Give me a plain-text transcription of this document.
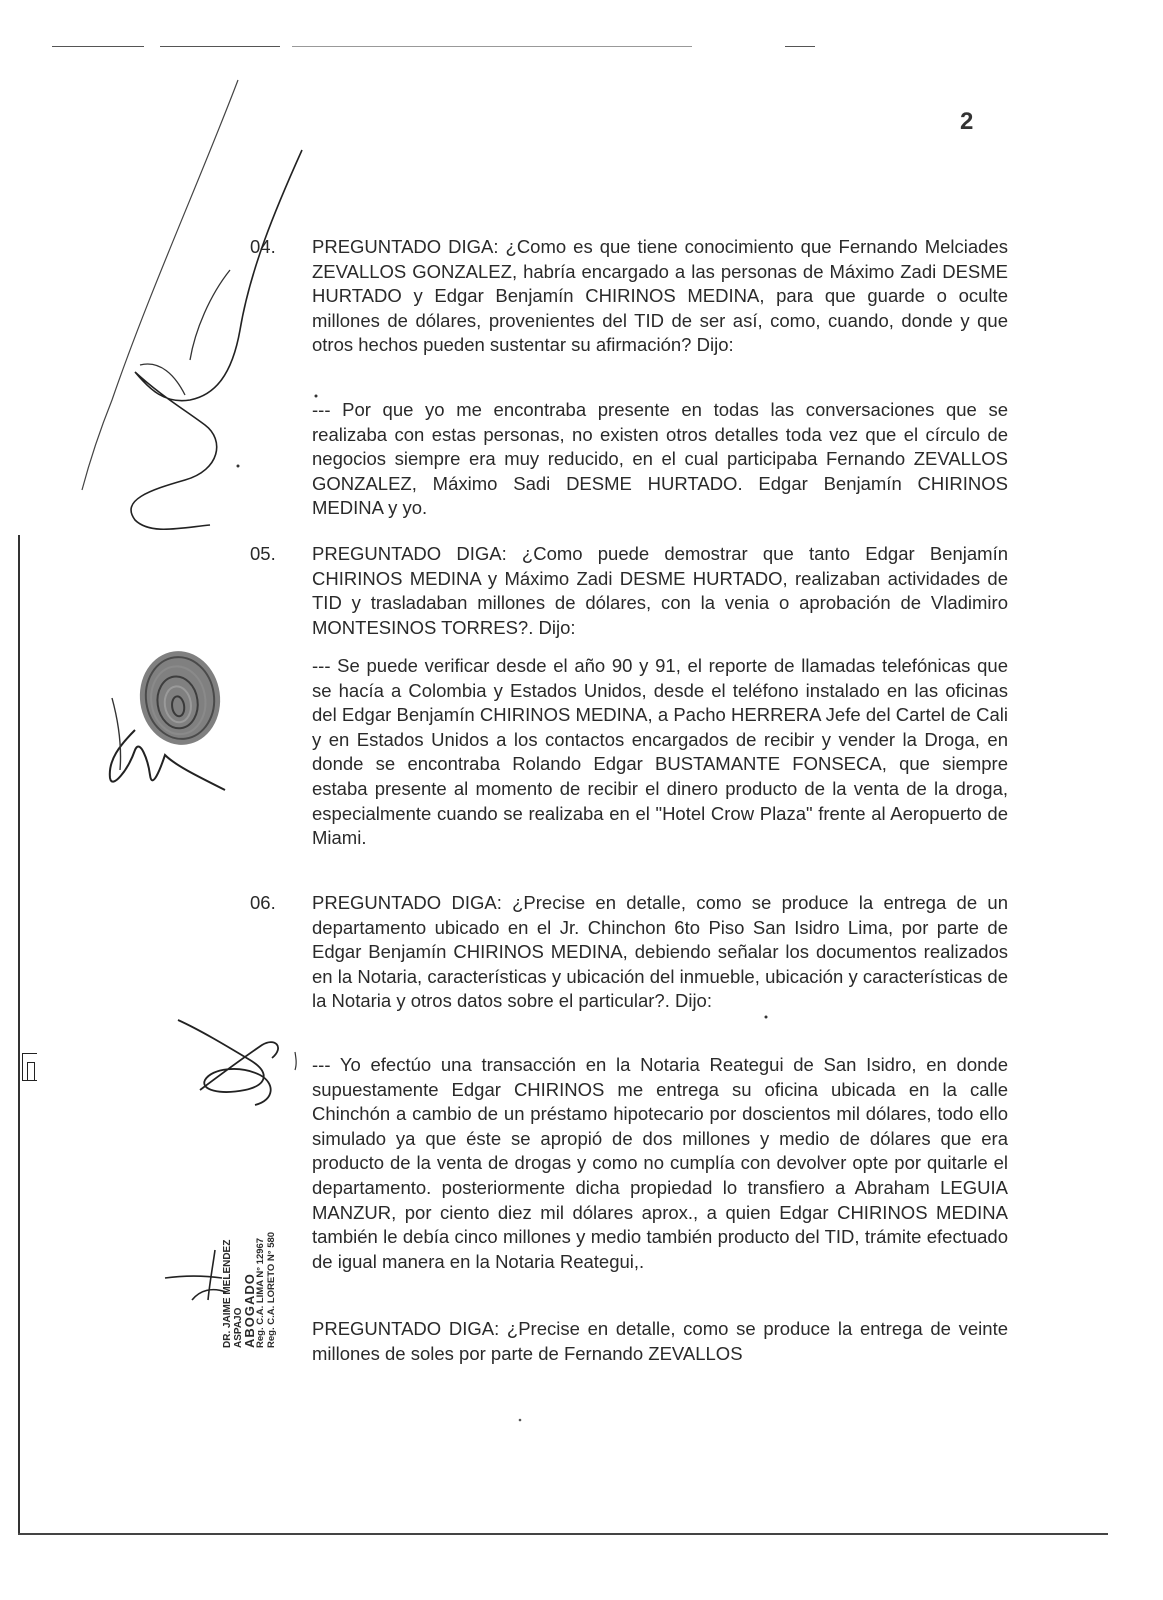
2
04.	PREGUNTADO DIGA: ¿Como es que tiene conocimiento que Fernando Melciades ZEVALLOS GONZALEZ, habría encargado a las personas de Máximo Zadi DESME HURTADO y Edgar Benjamín CHIRINOS MEDINA, para que guarde o oculte millones de dólares, provenientes del TID de ser así, como, cuando, donde y que otros hechos pueden sustentar su afirmación? Dijo:

--- Por que yo me encontraba presente en todas las conversaciones que se realizaba con estas personas, no existen otros detalles toda vez que el círculo de negocios siempre era muy reducido, en el cual participaba Fernando ZEVALLOS GONZALEZ, Máximo Sadi DESME HURTADO. Edgar Benjamín CHIRINOS MEDINA y yo.

05.	PREGUNTADO DIGA: ¿Como puede demostrar que tanto Edgar Benjamín CHIRINOS MEDINA y Máximo Zadi DESME HURTADO, realizaban actividades de TID y trasladaban millones de dólares, con la venia o aprobación de Vladimiro MONTESINOS TORRES?. Dijo:

--- Se puede verificar desde el año 90 y 91, el reporte de llamadas telefónicas que se hacía a Colombia y Estados Unidos, desde el teléfono instalado en las oficinas del Edgar Benjamín CHIRINOS MEDINA, a Pacho HERRERA Jefe del Cartel de Cali y en Estados Unidos a los contactos encargados de recibir y vender la Droga, en donde se encontraba Rolando Edgar BUSTAMANTE FONSECA, que siempre estaba presente al momento de recibir el dinero producto de la venta de la droga, especialmente cuando se realizaba en el "Hotel Crow Plaza" frente al Aeropuerto de Miami.

06.	PREGUNTADO DIGA: ¿Precise en detalle, como se produce la entrega de un departamento ubicado en el Jr. Chinchon 6to Piso San Isidro Lima, por parte de Edgar Benjamín CHIRINOS MEDINA, debiendo señalar los documentos realizados en la Notaria, características y ubicación del inmueble, ubicación y características de la Notaria y otros datos sobre el particular?. Dijo:

--- Yo efectúo una transacción en la Notaria Reategui de San Isidro, en donde supuestamente Edgar CHIRINOS me entrega su oficina ubicada en la calle Chinchón a cambio de un préstamo hipotecario por doscientos mil dólares, todo ello simulado ya que éste se apropió de dos millones y medio de dólares que era producto de la venta de drogas y como no cumplía con devolver opte por quitarle el departamento. posteriormente dicha propiedad lo transfiero a Abraham LEGUIA MANZUR, por ciento diez mil dólares aprox., a quien Edgar CHIRINOS MEDINA también le debía cinco millones y medio también producto del TID, trámite efectuado de igual manera en la Notaria Reategui,.

PREGUNTADO DIGA: ¿Precise en detalle, como se produce la entrega de veinte millones de soles por parte de Fernando ZEVALLOS

DR. JAIME MELENDEZ ASPAJO
ABOGADO
Reg. C.A. LIMA N° 12967 Reg. C.A. LORETO N° 580
